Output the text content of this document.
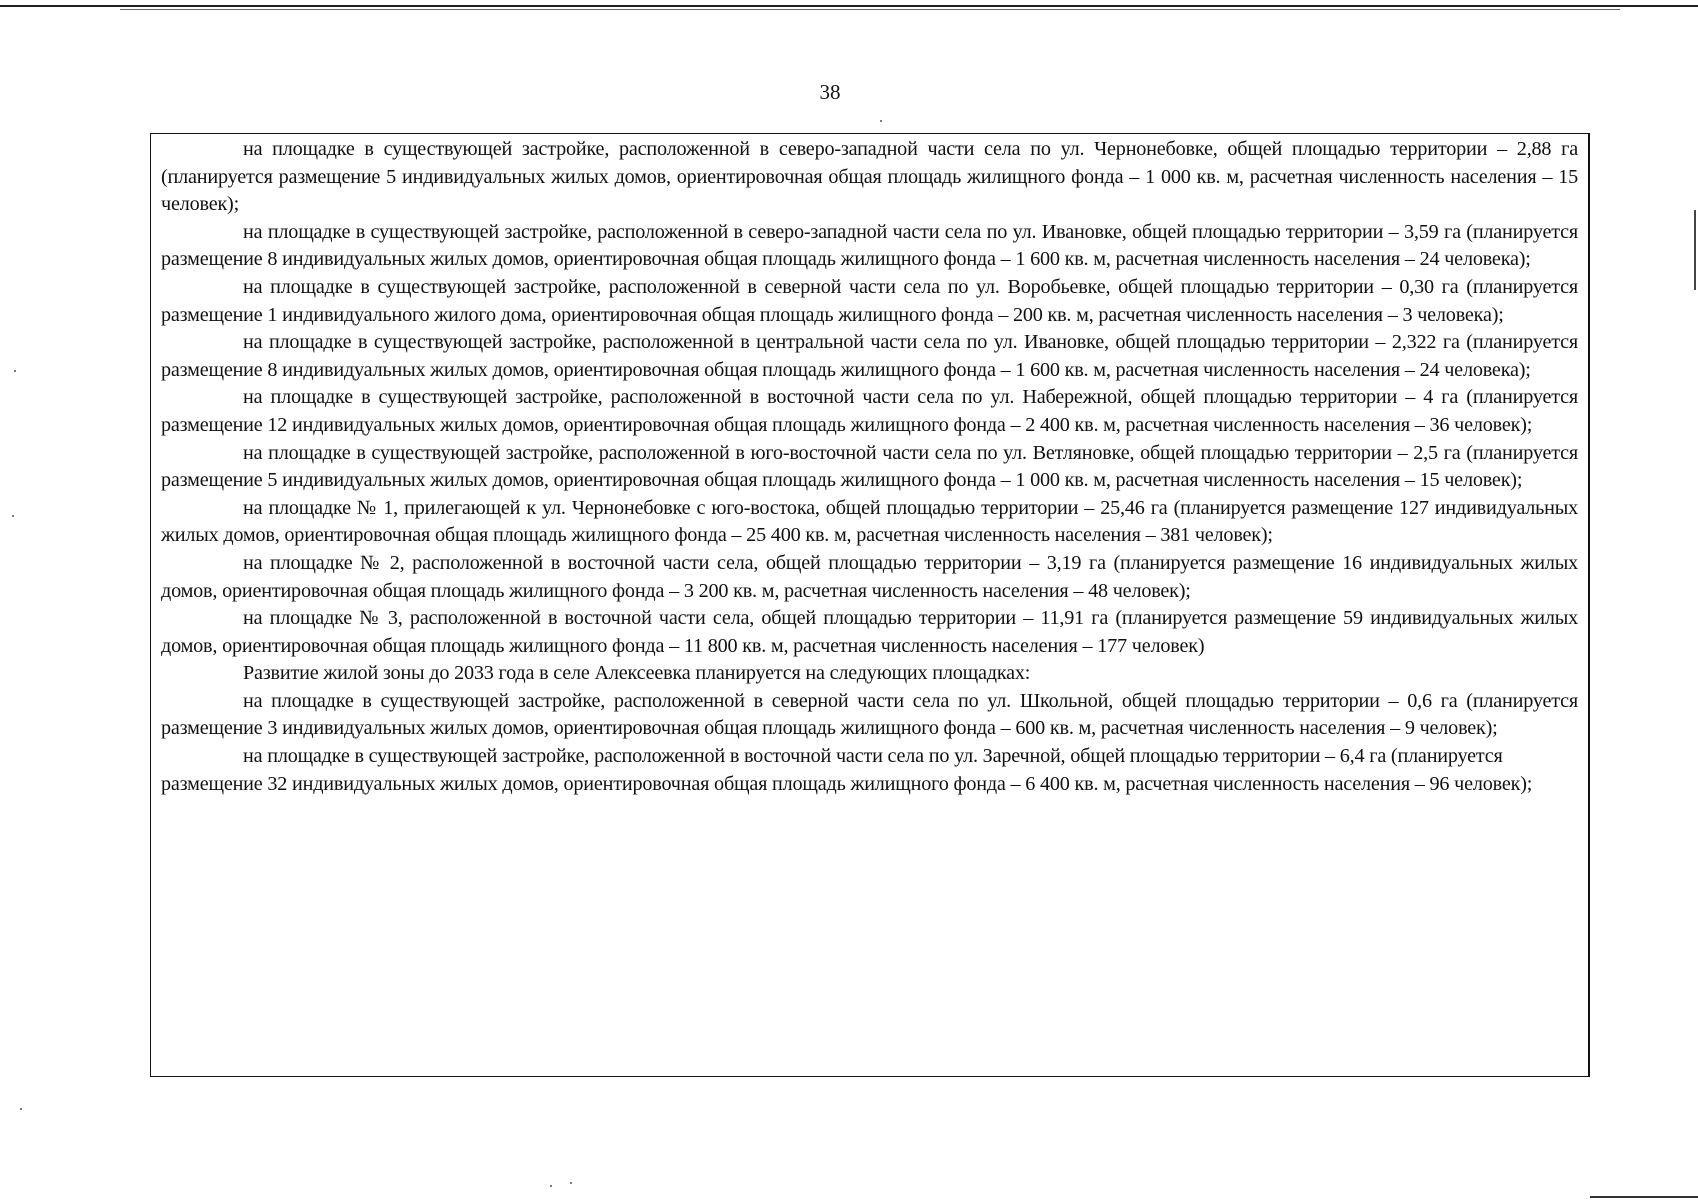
38

на площадке в существующей застройке, расположенной в северо-западной части села по ул. Чернонебовке, общей площадью территории – 2,88 га (планируется размещение 5 индивидуальных жилых домов, ориентировочная общая площадь жилищного фонда – 1 000 кв. м, расчетная численность населения – 15 человек);

на площадке в существующей застройке, расположенной в северо-западной части села по ул. Ивановке, общей площадью территории – 3,59 га (планируется размещение 8 индивидуальных жилых домов, ориентировочная общая площадь жилищного фонда – 1 600 кв. м, расчетная численность населения – 24 человека);

на площадке в существующей застройке, расположенной в северной части села по ул. Воробьевке, общей площадью территории – 0,30 га (планируется размещение 1 индивидуального жилого дома, ориентировочная общая площадь жилищного фонда – 200 кв. м, расчетная численность населения – 3 человека);

на площадке в существующей застройке, расположенной в центральной части села по ул. Ивановке, общей площадью территории – 2,322 га (планируется размещение 8 индивидуальных жилых домов, ориентировочная общая площадь жилищного фонда – 1 600 кв. м, расчетная численность населения – 24 человека);

на площадке в существующей застройке, расположенной в восточной части села по ул. Набережной, общей площадью территории – 4 га (планируется размещение 12 индивидуальных жилых домов, ориентировочная общая площадь жилищного фонда – 2 400 кв. м, расчетная численность населения – 36 человек);

на площадке в существующей застройке, расположенной в юго-восточной части села по ул. Ветляновке, общей площадью территории – 2,5 га (планируется размещение 5 индивидуальных жилых домов, ориентировочная общая площадь жилищного фонда – 1 000 кв. м, расчетная численность населения – 15 человек);

на площадке № 1, прилегающей к ул. Чернонебовке с юго-востока, общей площадью территории – 25,46 га (планируется размещение 127 индивидуальных жилых домов, ориентировочная общая площадь жилищного фонда – 25 400 кв. м, расчетная численность населения – 381 человек);

на площадке № 2, расположенной в восточной части села, общей площадью территории – 3,19 га (планируется размещение 16 индивидуальных жилых домов, ориентировочная общая площадь жилищного фонда – 3 200 кв. м, расчетная численность населения – 48 человек);

на площадке № 3, расположенной в восточной части села, общей площадью территории – 11,91 га (планируется размещение 59 индивидуальных жилых домов, ориентировочная общая площадь жилищного фонда – 11 800 кв. м, расчетная численность населения – 177 человек)

Развитие жилой зоны до 2033 года в селе Алексеевка планируется на следующих площадках:

на площадке в существующей застройке, расположенной в северной части села по ул. Школьной, общей площадью территории – 0,6 га (планируется размещение 3 индивидуальных жилых домов, ориентировочная общая площадь жилищного фонда – 600 кв. м, расчетная численность населения – 9 человек);

на площадке в существующей застройке, расположенной в восточной части села по ул. Заречной, общей площадью территории – 6,4 га (планируется размещение 32 индивидуальных жилых домов, ориентировочная общая площадь жилищного фонда – 6 400 кв. м, расчетная численность населения – 96 человек);
